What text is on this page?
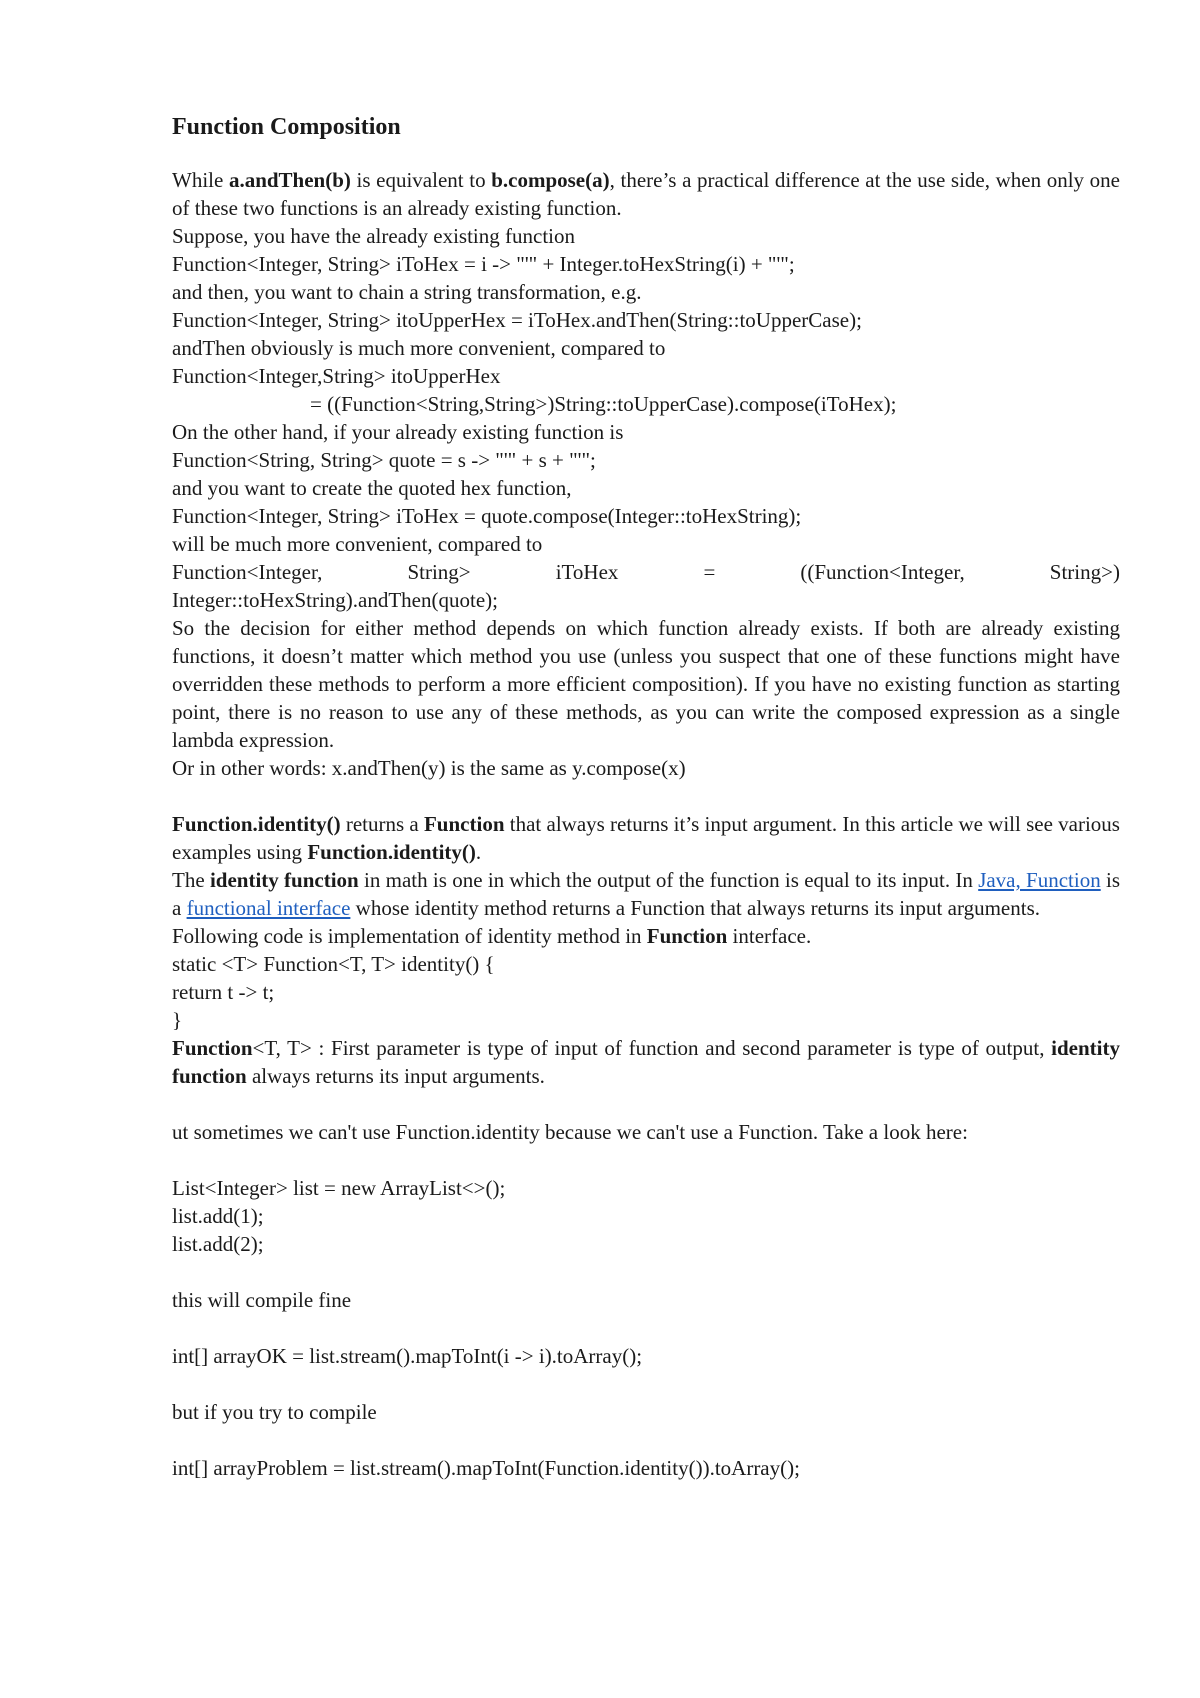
Function Composition
While a.andThen(b) is equivalent to b.compose(a), there’s a practical difference at the use side, when only one of these two functions is an already existing function.
Suppose, you have the already existing function
Function<Integer, String> iToHex = i -> "'" + Integer.toHexString(i) + "'";
and then, you want to chain a string transformation, e.g.
Function<Integer, String> itoUpperHex = iToHex.andThen(String::toUpperCase);
andThen obviously is much more convenient, compared to
Function<Integer,String> itoUpperHex
= ((Function<String,String>)String::toUpperCase).compose(iToHex);
On the other hand, if your already existing function is
Function<String, String> quote = s -> "'" + s + "'";
and you want to create the quoted hex function,
Function<Integer, String> iToHex = quote.compose(Integer::toHexString);
will be much more convenient, compared to
Function<Integer,	String>	iToHex	=	((Function<Integer,	String>)
Integer::toHexString).andThen(quote);
So the decision for either method depends on which function already exists. If both are already existing functions, it doesn’t matter which method you use (unless you suspect that one of these functions might have overridden these methods to perform a more efficient composition). If you have no existing function as starting point, there is no reason to use any of these methods, as you can write the composed expression as a single lambda expression.
Or in other words: x.andThen(y) is the same as y.compose(x)
Function.identity() returns a Function that always returns it’s input argument. In this article we will see various examples using Function.identity().
The identity function in math is one in which the output of the function is equal to its input. In Java, Function is a functional interface whose identity method returns a Function that always returns its input arguments.
Following code is implementation of identity method in Function interface.
static <T> Function<T, T> identity() {
return t -> t;
}
Function<T, T> : First parameter is type of input of function and second parameter is type of output, identity function always returns its input arguments.
ut sometimes we can't use Function.identity because we can't use a Function. Take a look here:
List<Integer> list = new ArrayList<>();
list.add(1);
list.add(2);
this will compile fine
int[] arrayOK = list.stream().mapToInt(i -> i).toArray();
but if you try to compile
int[] arrayProblem = list.stream().mapToInt(Function.identity()).toArray();
